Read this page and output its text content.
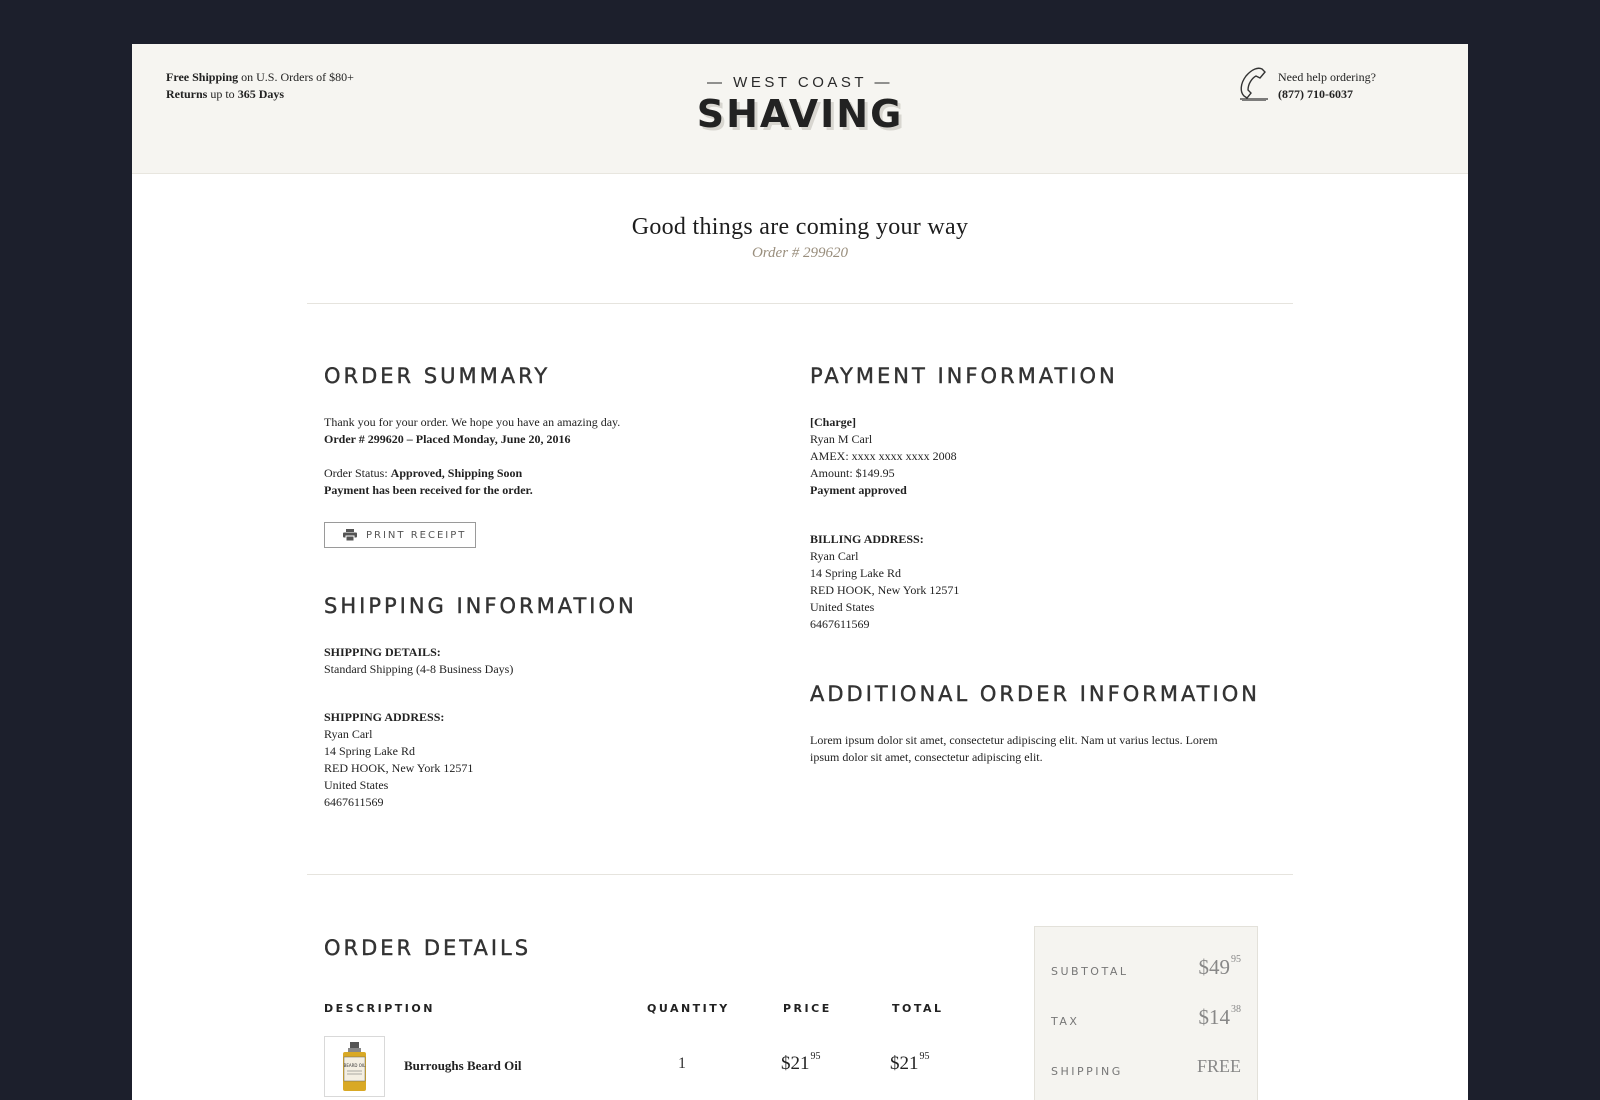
Free Shipping on U.S. Orders of $80+
Returns up to 365 Days
— WEST COAST —
SHAVING
Need help ordering?
(877) 710-6037
Good things are coming your way
Order # 299620
ORDER SUMMARY
Thank you for your order. We hope you have an amazing day.
Order # 299620 – Placed Monday, June 20, 2016
Order Status: Approved, Shipping Soon
Payment has been received for the order.
PRINT RECEIPT
SHIPPING INFORMATION
SHIPPING DETAILS:
Standard Shipping (4-8 Business Days)
SHIPPING ADDRESS:
Ryan Carl
14 Spring Lake Rd
RED HOOK, New York 12571
United States
6467611569
PAYMENT INFORMATION
[Charge]
Ryan M Carl
AMEX: xxxx xxxx xxxx 2008
Amount: $149.95
Payment approved
BILLING ADDRESS:
Ryan Carl
14 Spring Lake Rd
RED HOOK, New York 12571
United States
6467611569
ADDITIONAL ORDER INFORMATION
Lorem ipsum dolor sit amet, consectetur adipiscing elit. Nam ut varius lectus. Lorem
ipsum dolor sit amet, consectetur adipiscing elit.
ORDER DETAILS
DESCRIPTION	QUANTITY	PRICE	TOTAL
BEARD OIL	Burroughs Beard Oil	1	$\$21^{95}$	$\$21^{95}$
SUBTOTAL	$\$49^{95}$
TAX	$\$14^{38}$
SHIPPING	FREE
